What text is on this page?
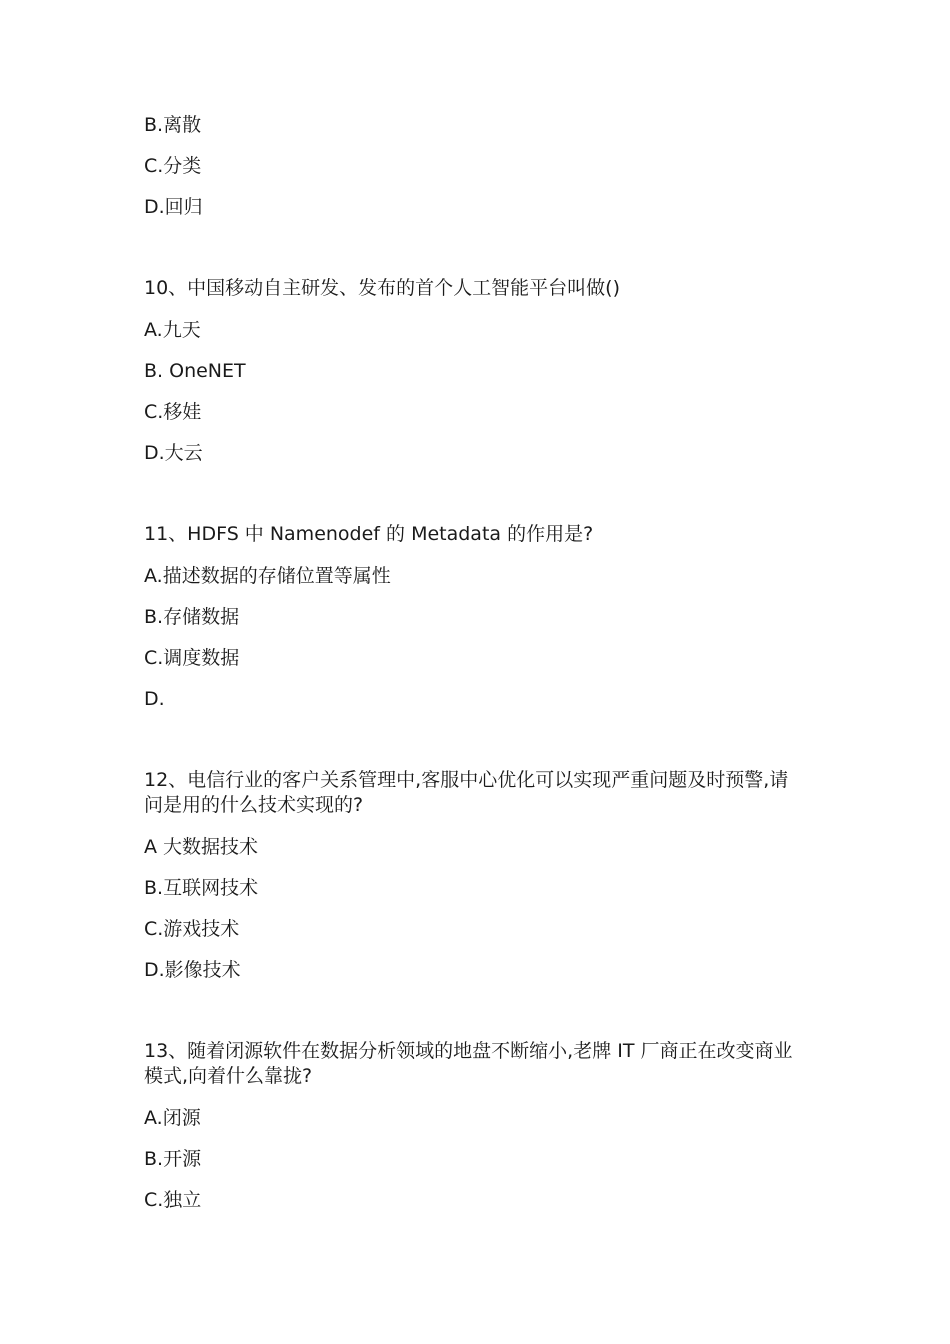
B.离散
C.分类
D.回归
10、中国移动自主研发、发布的首个人工智能平台叫做()
A.九天
B. OneNET
C.移娃
D.大云
11、HDFS 中 Namenodef 的 Metadata 的作用是?
A.描述数据的存储位置等属性
B.存储数据
C.调度数据
D.
12、电信行业的客户关系管理中,客服中心优化可以实现严重问题及时预警,请
问是用的什么技术实现的?
A 大数据技术
B.互联网技术
C.游戏技术
D.影像技术
13、随着闭源软件在数据分析领域的地盘不断缩小,老牌 IT 厂商正在改变商业
模式,向着什么靠拢?
A.闭源
B.开源
C.独立
